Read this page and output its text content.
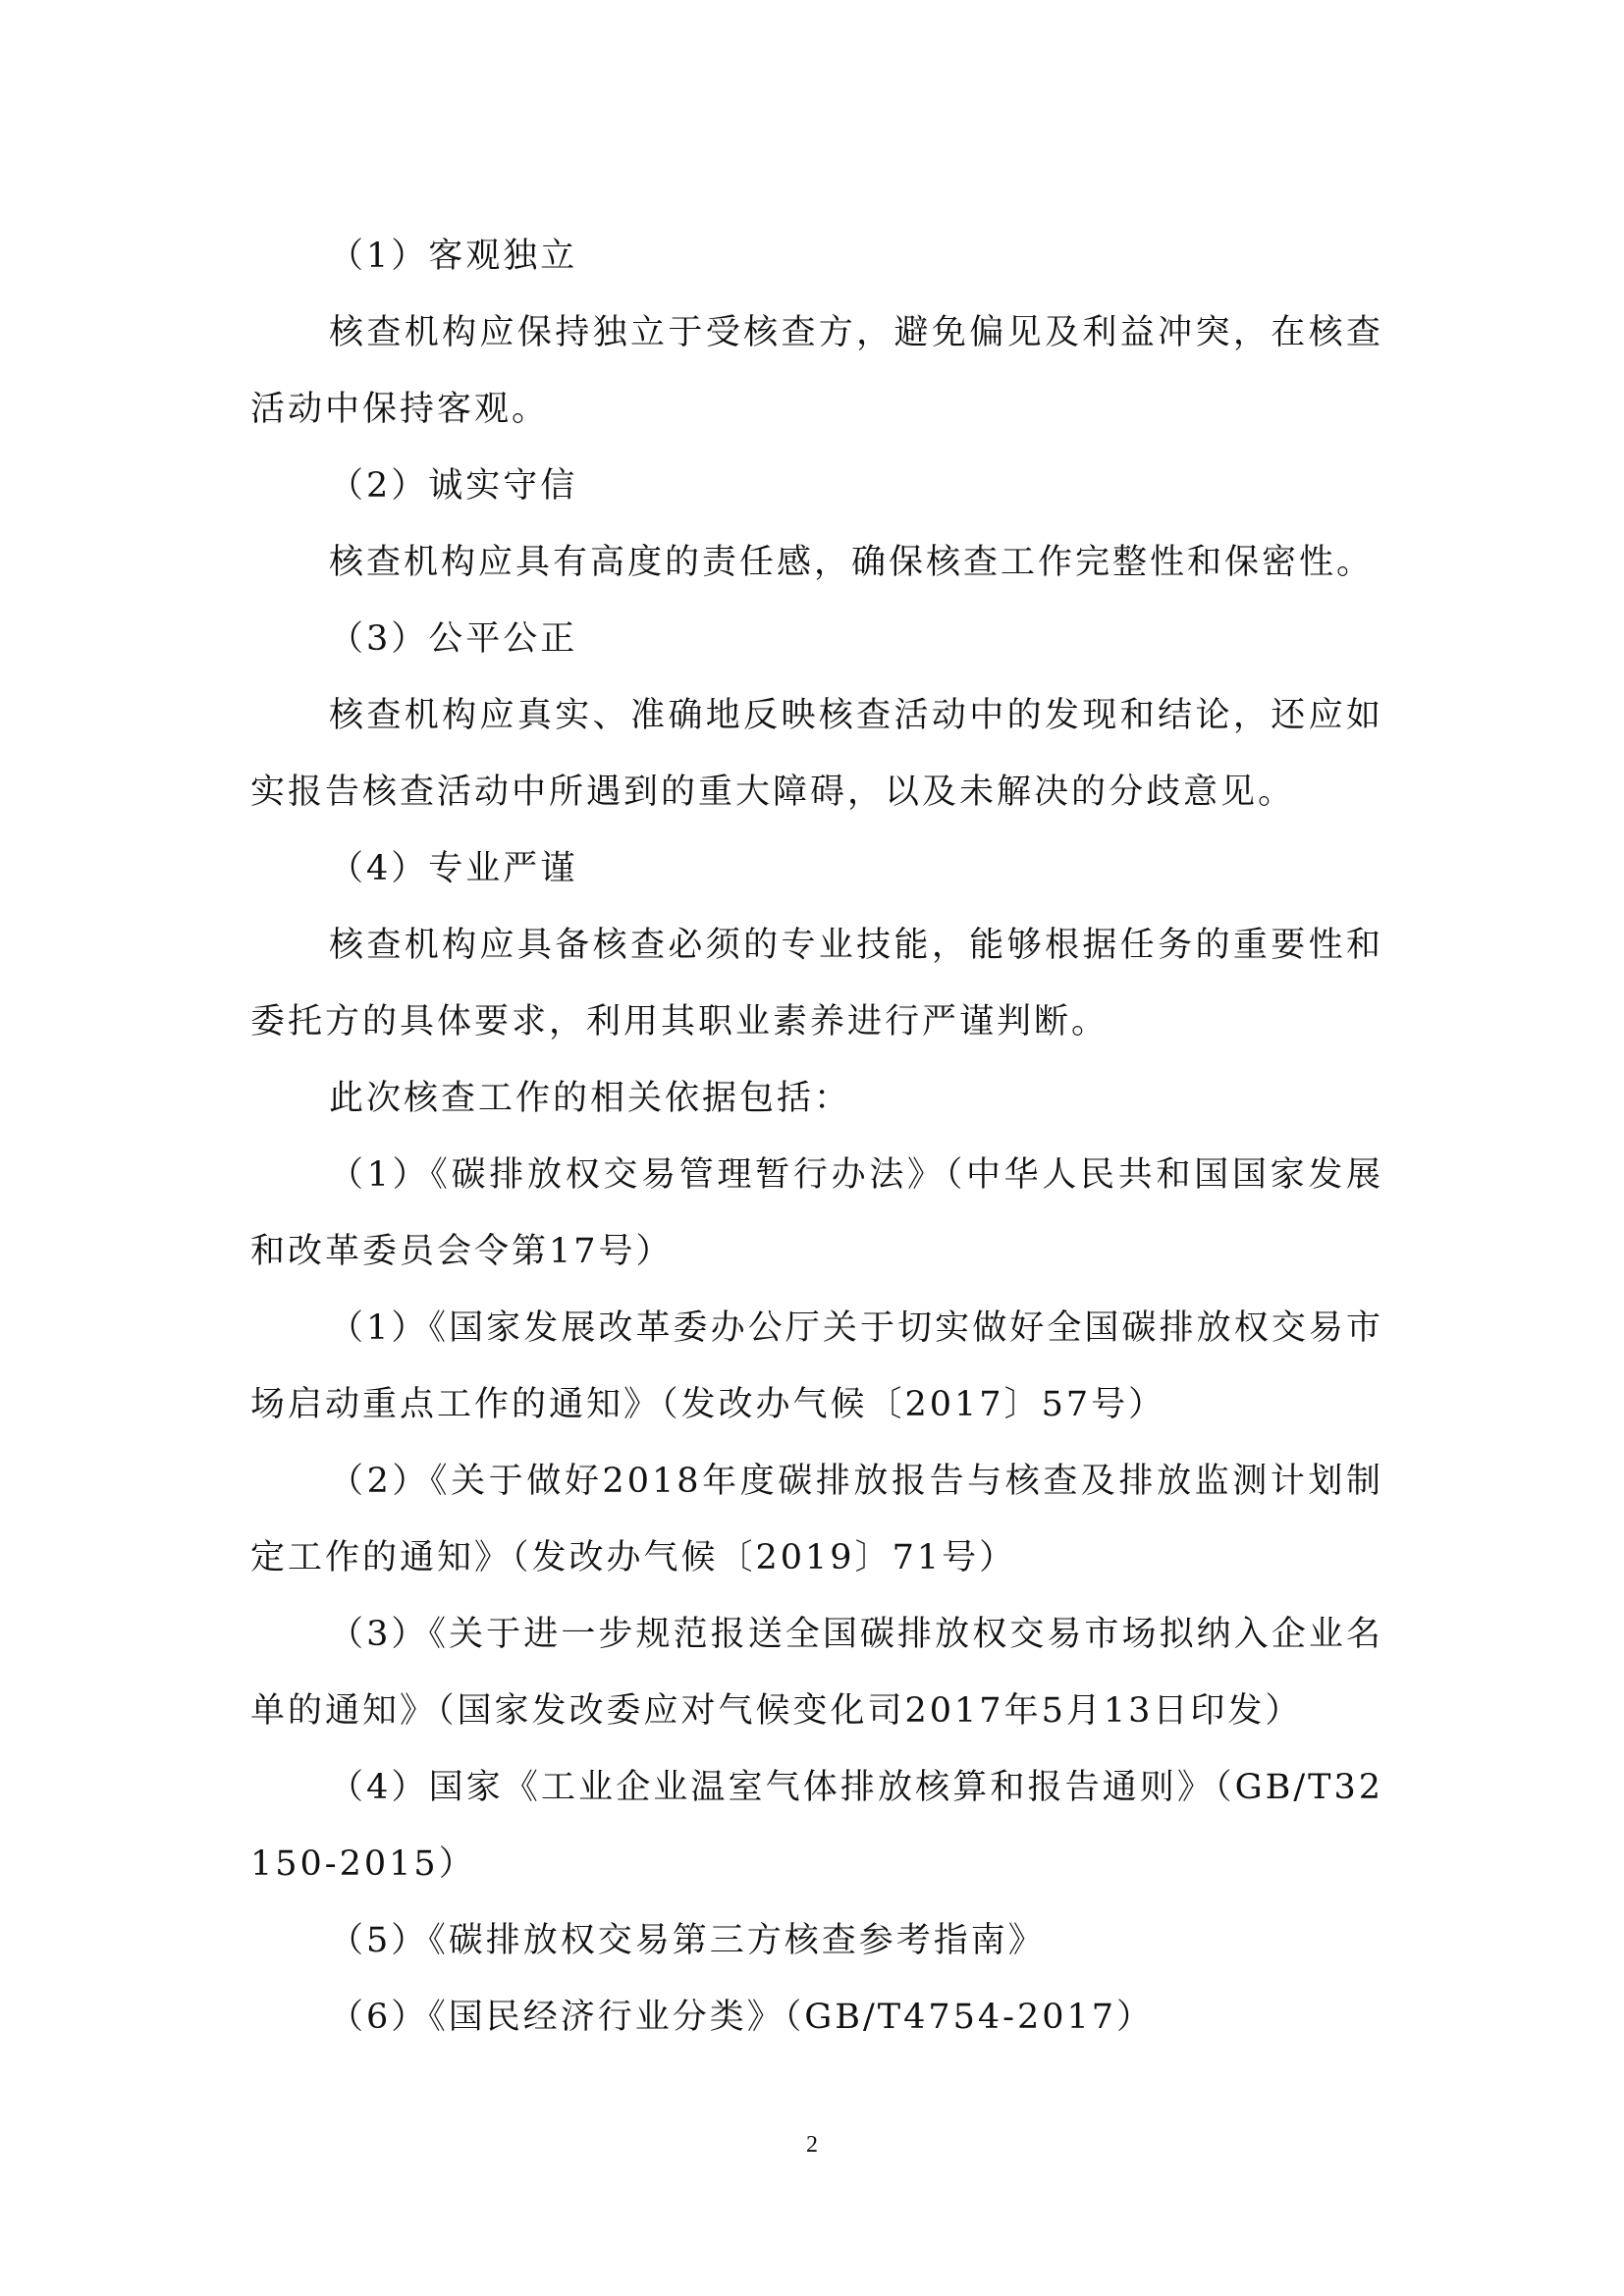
（1）客观独立

核查机构应保持独立于受核查方，避免偏见及利益冲突，在核查活动中保持客观。

（2）诚实守信

核查机构应具有高度的责任感，确保核查工作完整性和保密性。

（3）公平公正

核查机构应真实、准确地反映核查活动中的发现和结论，还应如实报告核查活动中所遇到的重大障碍，以及未解决的分歧意见。

（4）专业严谨

核查机构应具备核查必须的专业技能，能够根据任务的重要性和委托方的具体要求，利用其职业素养进行严谨判断。

此次核查工作的相关依据包括：

（1）《碳排放权交易管理暂行办法》（中华人民共和国国家发展和改革委员会令第17号）

（1）《国家发展改革委办公厅关于切实做好全国碳排放权交易市场启动重点工作的通知》（发改办气候〔2017〕57号）

（2）《关于做好2018年度碳排放报告与核查及排放监测计划制定工作的通知》（发改办气候〔2019〕71号）

（3）《关于进一步规范报送全国碳排放权交易市场拟纳入企业名单的通知》（国家发改委应对气候变化司2017年5月13日印发）

（4）国家《工业企业温室气体排放核算和报告通则》（GB/T32150-2015）

（5）《碳排放权交易第三方核查参考指南》

（6）《国民经济行业分类》（GB/T4754-2017）

2
